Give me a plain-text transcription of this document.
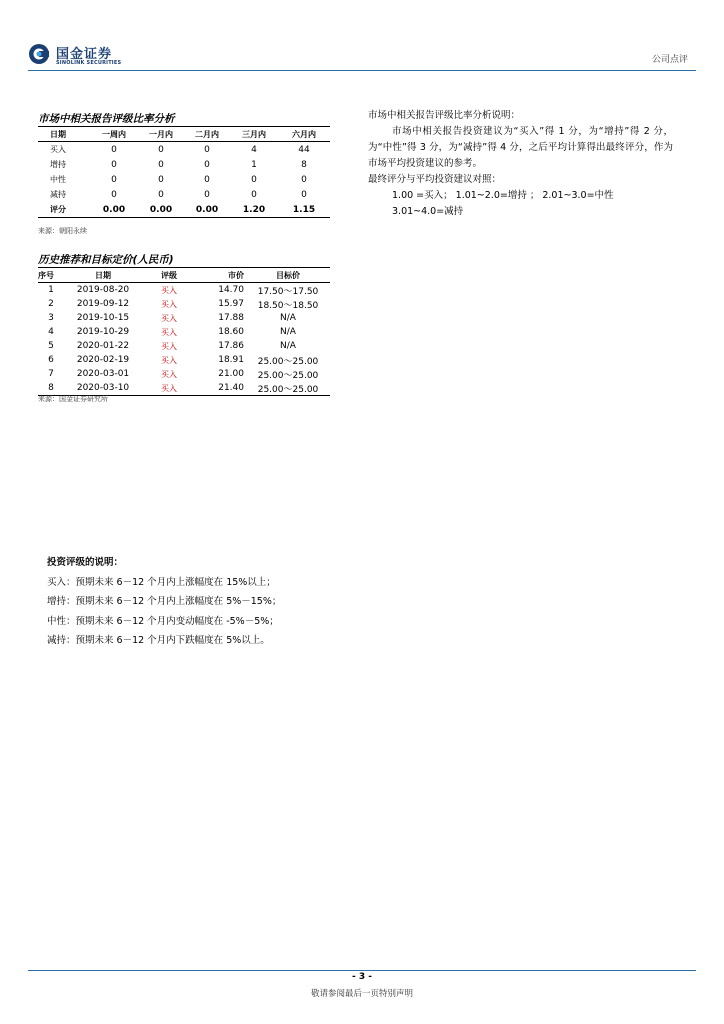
国金证券
SINOLINK SECURITIES	公司点评
市场中相关报告评级比率分析
日期	一周内	一月内	二月内	三月内	六月内
买入	0	0	0	4	44
增持	0	0	0	1	8
中性	0	0	0	0	0
减持	0	0	0	0	0
评分	0.00	0.00	0.00	1.20	1.15
来源：朝阳永续
历史推荐和目标定价(人民币)
序号	日期	评级	市价	目标价
1	2019-08-20	买入	14.70	17.50～17.50
2	2019-09-12	买入	15.97	18.50～18.50
3	2019-10-15	买入	17.88	N/A
4	2019-10-29	买入	18.60	N/A
5	2020-01-22	买入	17.86	N/A
6	2020-02-19	买入	18.91	25.00～25.00
7	2020-03-01	买入	21.00	25.00～25.00
8	2020-03-10	买入	21.40	25.00～25.00
来源：国金证券研究所

市场中相关报告评级比率分析说明：

市场中相关报告投资建议为“买入”得 1 分，为“增持”得 2 分，为“中性”得 3 分，为“减持”得 4 分，之后平均计算得出最终评分，作为市场平均投资建议的参考。

最终评分与平均投资建议对照：

1.00 =买入； 1.01~2.0=增持 ； 2.01~3.0=中性

3.01~4.0=减持

投资评级的说明：

买入：预期未来 6－12 个月内上涨幅度在 15%以上；

增持：预期未来 6－12 个月内上涨幅度在 5%－15%；

中性：预期未来 6－12 个月内变动幅度在 -5%－5%；

减持：预期未来 6－12 个月内下跌幅度在 5%以上。

- 3 -
敬请参阅最后一页特别声明
